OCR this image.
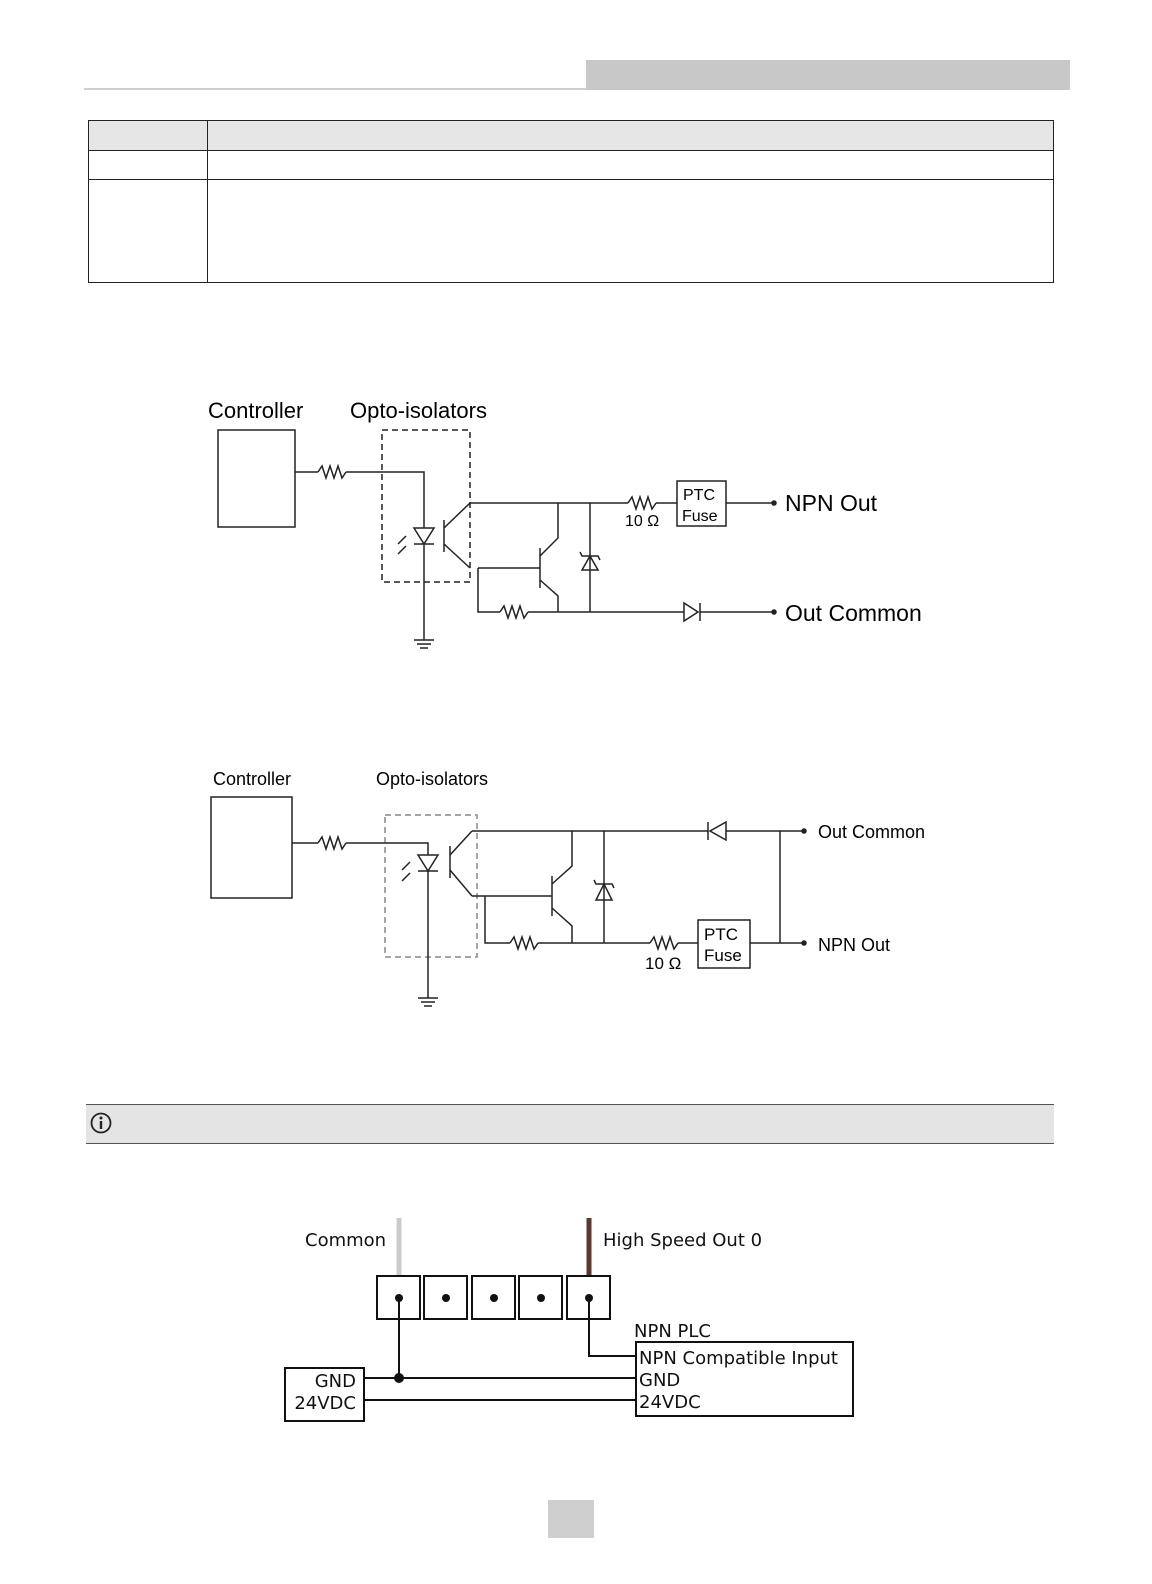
Controller Opto-isolators
10 Ω
PTC
Fuse
NPN Out
Out Common
Controller	Opto-isolators
10 Ω
PTC
Fuse
Out Common
NPN Out
Common	High Speed Out 0
NPN PLC
NPN Compatible Input
GND
24VDC
GND
24VDC
